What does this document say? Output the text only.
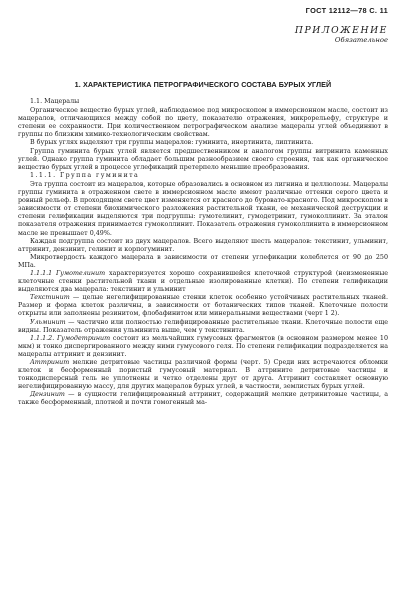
ГОСТ 12112—78 С. 11
ПРИЛОЖЕНИЕ
Обязательное
1. ХАРАКТЕРИСТИКА ПЕТРОГРАФИЧЕСКОГО СОСТАВА БУРЫХ УГЛЕЙ
1.1. Мацералы

Органическое вещество бурых углей, наблюдаемое под микроскопом в иммерсионном масле, состоит из мацералов, отличающихся между собой по цвету, показателю отражения, микрорельефу, структуре и степени ее сохранности. При количественном петрографическом анализе мацералы углей объединяют в группы по близким химико-технологическим свойствам.

В бурых углях выделяют три группы мацералов: гуминита, инертинита, липтинита.

Группа гуминита бурых углей является предшественником и аналогом группы витринита каменных углей. Однако группа гуминита обладает большим разнообразием своего строения, так как органическое вещество бурых углей в процессе углефикаций претерпело меньшие преобразования.

1.1.1. Группа гуминита

Эта группа состоит из мацералов, которые образовались в основном из лигнина и целлюлозы. Мацералы группы гуминита в отраженном свете в иммерсионном масле имеют различные оттенки серого цвета и ровный рельеф. В проходящем свете цвет изменяется от красного до буровато-красного. Под микроскопом в зависимости от степени биохимического разложения растительной ткани, ее механической деструкции и степени гелификации выделяются три подгруппы: гумотелинит, гумодетринит, гумоколлинит. За эталон показателя отражения принимается гумоколлинит. Показатель отражения гумоколлинита в иммерсионном масле не превышает 0,49%.

Каждая подгруппа состоит из двух мацералов. Всего выделяют шесть мацералов: текстинит, ульминит, аттринит, дензинит, гелинит и корпогуминит.

Микротвердость каждого мацерала в зависимости от степени углефикации колеблется от 90 до 250 МПа.

1.1.1.1 Гумотелинит характеризуется хорошо сохранившейся клеточной структурой (неизмененные клеточные стенки растительной ткани и отдельные изолированные клетки). По степени гелификации выделяются два мацерала: текстинит и ульминит

Текстинит — целые негелифицированные стенки клеток особенно устойчивых растительных тканей. Размер и форма клеток различны, в зависимости от ботанических типов тканей. Клеточные полости открыты или заполнены резинитом, флобафинитом или минеральными веществами (черт 1 2).

Ульминит — частично или полностью гелифицированные растительные ткани. Клеточные полости еще видны. Показатель отражения ульминита выше, чем у текстинита.

1.1.1.2. Гумодетринит состоит из мельчайших гумусовых фрагментов (в основном размером менее 10 мкм) и тонко диспергированного между ними гумусового геля. По степени гелификации подразделяется на мацералы аттринит и дензинит.

Аттринит мелкие детритовые частицы различной формы (черт. 5) Среди них встречаются обломки клеток и бесформенный пористый гумусовый материал. В аттрините детритовые частицы и тонкодисперсный гель не уплотнены и четко отделены друг от друга. Аттринит составляет основную негелифицированную массу, для других мацералов бурых углей, в частности, землистых бурых углей.

Дензинит — в сущности гелифицированный аттринит, содержащий мелкие детринитовые частицы, а также бесформенный, плотной и почти гомогенный ма-
